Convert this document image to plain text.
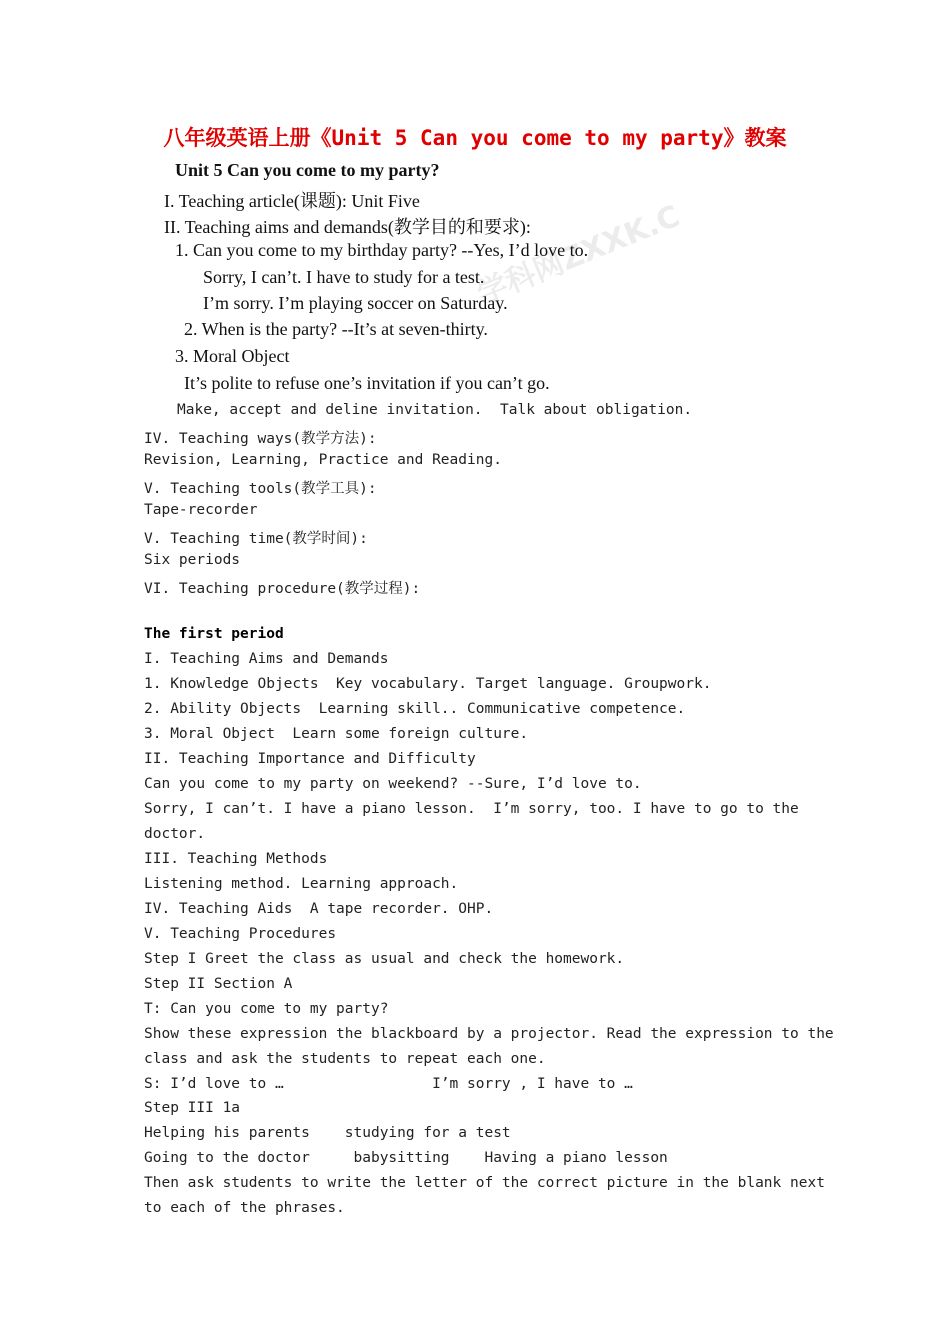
八年级英语上册《Unit 5 Can you come to my party》教案
学科网ZXXK.C
Unit 5 Can you come to my party?
I. Teaching article(课题): Unit Five
II. Teaching aims and demands(教学目的和要求):
1. Can you come to my birthday party? --Yes, I’d love to.
Sorry, I can’t. I have to study for a test.
I’m sorry. I’m playing soccer on Saturday.
2. When is the party? --It’s at seven-thirty.
3. Moral Object
It’s polite to refuse one’s invitation if you can’t go.
Make, accept and deline invitation.  Talk about obligation.
IV. Teaching ways(教学方法):
Revision, Learning, Practice and Reading.
V. Teaching tools(教学工具):
Tape-recorder
V. Teaching time(教学时间):
Six periods
VI. Teaching procedure(教学过程):
The first period
I. Teaching Aims and Demands
1. Knowledge Objects  Key vocabulary. Target language. Groupwork.
2. Ability Objects  Learning skill.. Communicative competence.
3. Moral Object  Learn some foreign culture.
II. Teaching Importance and Difficulty
Can you come to my party on weekend? --Sure, I’d love to.
Sorry, I can’t. I have a piano lesson.  I’m sorry, too. I have to go to the
doctor.
III. Teaching Methods
Listening method. Learning approach.
IV. Teaching Aids  A tape recorder. OHP.
V. Teaching Procedures
Step I Greet the class as usual and check the homework.
Step II Section A
T: Can you come to my party?
Show these expression the blackboard by a projector. Read the expression to the
class and ask the students to repeat each one.
S: I’d love to …                 I’m sorry , I have to …
Step III 1a
Helping his parents    studying for a test
Going to the doctor     babysitting    Having a piano lesson
Then ask students to write the letter of the correct picture in the blank next
to each of the phrases.
